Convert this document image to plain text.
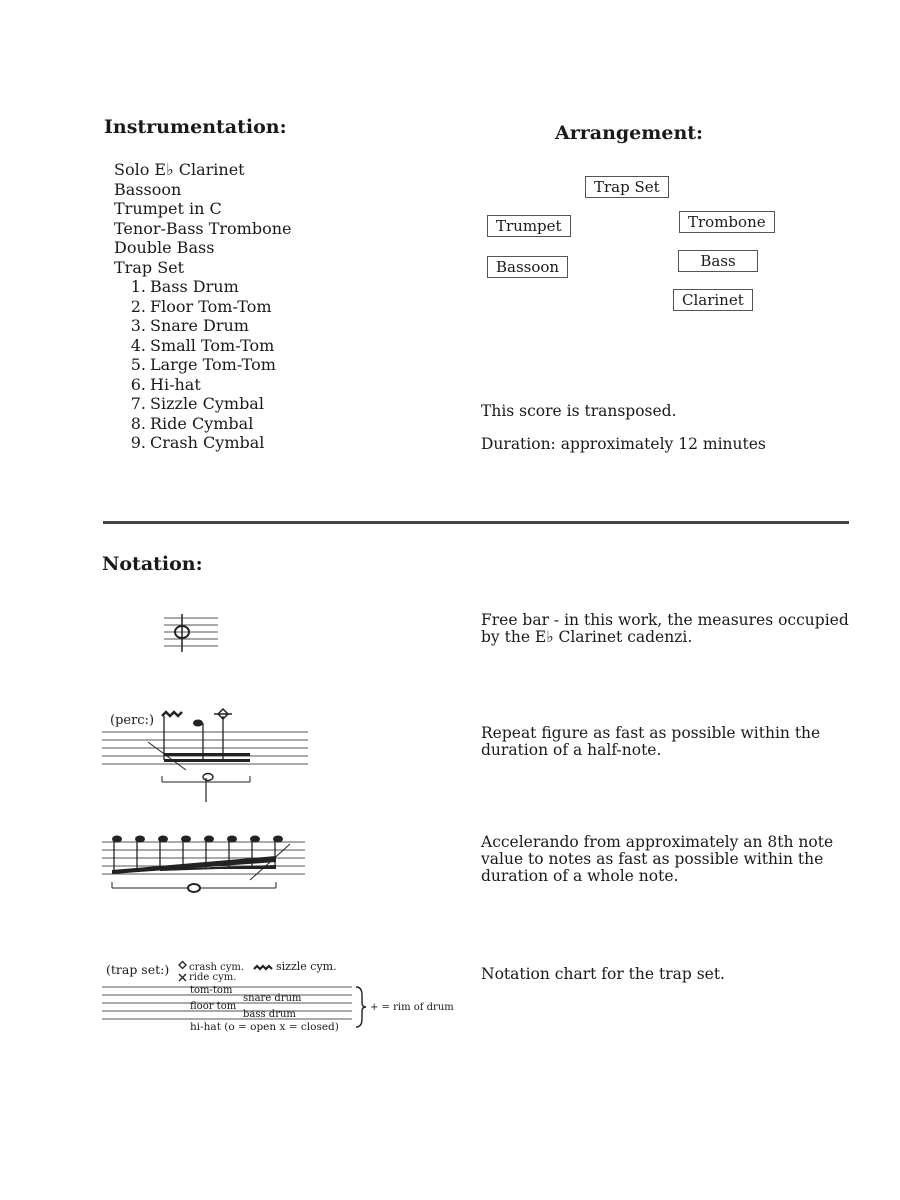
Instrumentation:
Solo E♭ Clarinet
Bassoon
Trumpet in C
Tenor-Bass Trombone
Double Bass
Trap Set
1. Bass Drum
2. Floor Tom-Tom
3. Snare Drum
4. Small Tom-Tom
5. Large Tom-Tom
6. Hi-hat
7. Sizzle Cymbal
8. Ride Cymbal
9. Crash Cymbal
Arrangement:
Trap Set
Trumpet	Trombone
Bassoon	Bass
Clarinet
This score is transposed.
Duration: approximately 12 minutes
Notation:
Free bar - in this work, the measures occupied by the E♭ Clarinet cadenzi.
(perc:)
Repeat figure as fast as possible within the duration of a half-note.
Accelerando from approximately an 8th note value to notes as fast as possible within the duration of a whole note.
(trap set:) crash cym.
ride cym.
sizzle cym.
tom-tom
floor tom
snare drum
bass drum
hi-hat (o = open x = closed)
+ = rim of drum
Notation chart for the trap set.
